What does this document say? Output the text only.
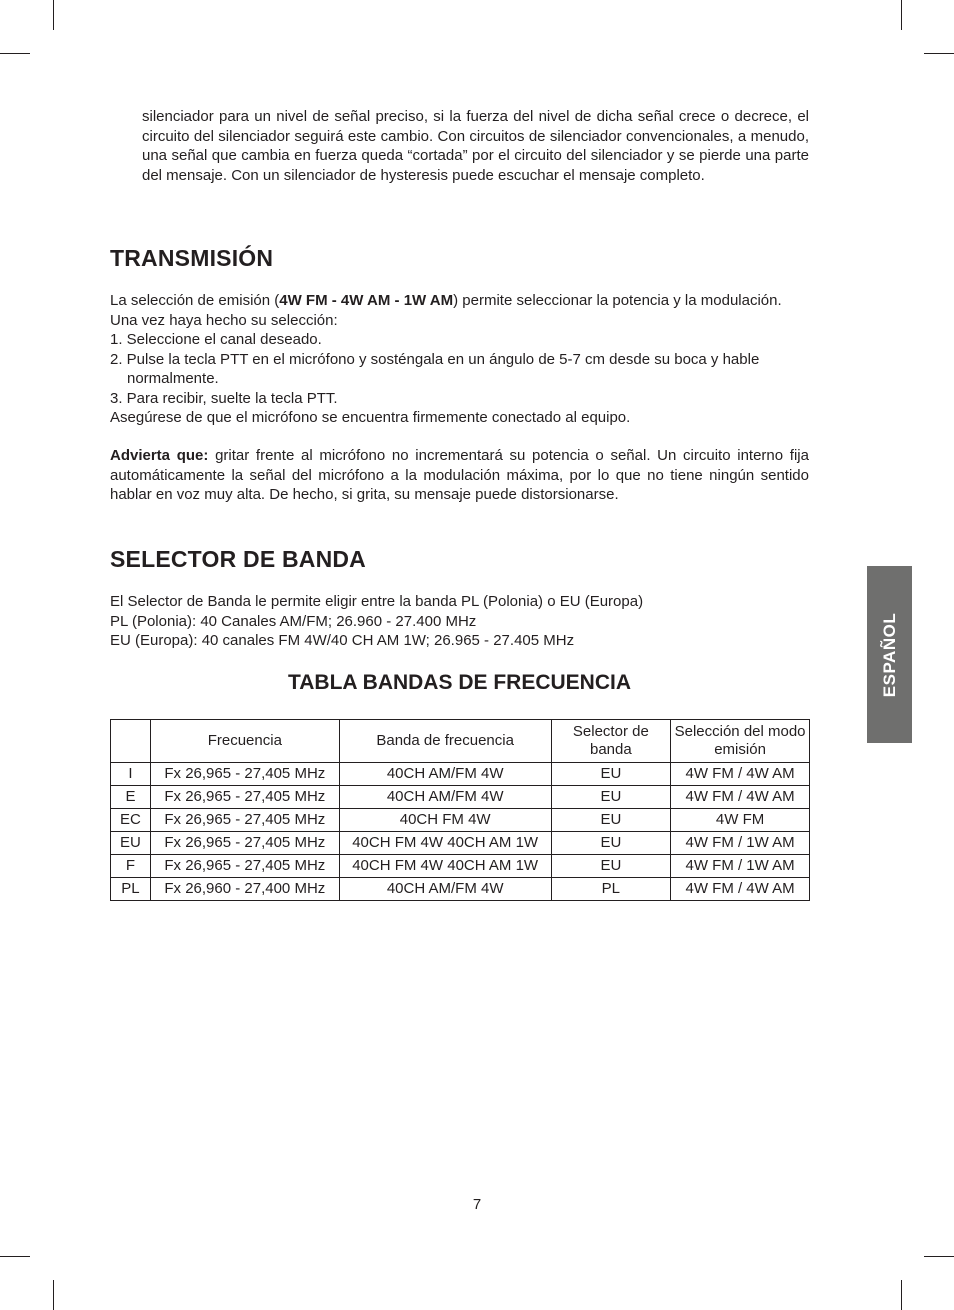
silenciador para un nivel de señal preciso, si la fuerza del nivel de dicha señal crece o decrece, el circuito del silenciador seguirá este cambio. Con circuitos de silenciador convencionales, a menudo, una señal que cambia en fuerza queda “cortada” por el circuito del silenciador y se pierde una parte del mensaje. Con un silenciador de hysteresis puede escuchar el mensaje completo.

TRANSMISIÓN

La selección de emisión (4W FM - 4W AM - 1W AM) permite seleccionar la potencia y la modulación.

Una vez haya hecho su selección:

1. Seleccione el canal deseado.

2. Pulse la tecla PTT en el micrófono y sosténgala en un ángulo de 5-7 cm desde su boca y hable

normalmente.

3. Para recibir, suelte la tecla PTT.

Asegúrese de que el micrófono se encuentra firmemente conectado al equipo.

Advierta que: gritar frente al micrófono no incrementará su potencia o señal. Un circuito interno fija automáticamente la señal del micrófono a la modulación máxima, por lo que no tiene ningún sentido hablar en voz muy alta. De hecho, si grita, su mensaje puede distorsionarse.

SELECTOR DE BANDA

El Selector de Banda le permite eligir entre la banda PL (Polonia) o EU (Europa)

PL (Polonia): 40 Canales AM/FM; 26.960 - 27.400 MHz

EU (Europa): 40 canales FM 4W/40 CH AM 1W; 26.965 - 27.405 MHz

TABLA BANDAS DE FRECUENCIA

	Frecuencia	Banda de frecuencia	Selector de banda	Selección del modo emisión
I	Fx 26,965 - 27,405 MHz	40CH AM/FM 4W	EU	4W FM / 4W AM
E	Fx 26,965 - 27,405 MHz	40CH AM/FM 4W	EU	4W FM / 4W AM
EC	Fx 26,965 - 27,405 MHz	40CH FM 4W	EU	4W FM
EU	Fx 26,965 - 27,405 MHz	40CH FM 4W 40CH AM 1W	EU	4W FM / 1W AM
F	Fx 26,965 - 27,405 MHz	40CH FM 4W 40CH AM 1W	EU	4W FM / 1W AM
PL	Fx 26,960 - 27,400 MHz	40CH AM/FM 4W	PL	4W FM / 4W AM
ESPAÑOL
7
